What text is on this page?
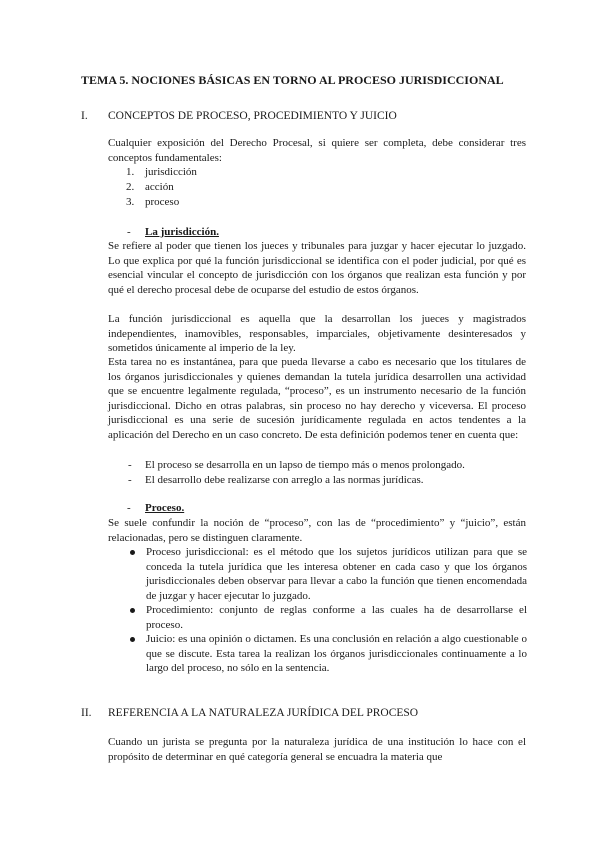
TEMA 5. NOCIONES BÁSICAS EN TORNO AL PROCESO JURISDICCIONAL
I. CONCEPTOS DE PROCESO, PROCEDIMIENTO Y JUICIO
Cualquier exposición del Derecho Procesal, si quiere ser completa, debe considerar tres conceptos fundamentales:
1. jurisdicción
2. acción
3. proceso
- La jurisdicción.
Se refiere al poder que tienen los jueces y tribunales para juzgar y hacer ejecutar lo juzgado. Lo que explica por qué la función jurisdiccional se identifica con el poder judicial, por qué es esencial vincular el concepto de jurisdicción con los órganos que realizan esta función y por qué el derecho procesal debe de ocuparse del estudio de estos órganos.
La función jurisdiccional es aquella que la desarrollan los jueces y magistrados independientes, inamovibles, responsables, imparciales, objetivamente desinteresados y sometidos únicamente al imperio de la ley.
Esta tarea no es instantánea, para que pueda llevarse a cabo es necesario que los titulares de los órganos jurisdiccionales y quienes demandan la tutela jurídica desarrollen una actividad que se encuentre legalmente regulada, “proceso”, es un instrumento necesario de la función jurisdiccional. Dicho en otras palabras, sin proceso no hay derecho y viceversa. El proceso jurisdiccional es una serie de sucesión jurídicamente regulada en actos tendentes a la aplicación del Derecho en un caso concreto. De esta definición podemos tener en cuenta que:
- El proceso se desarrolla en un lapso de tiempo más o menos prolongado.
- El desarrollo debe realizarse con arreglo a las normas jurídicas.
- Proceso.
Se suele confundir la noción de “proceso”, con las de “procedimiento” y “juicio”, están relacionadas, pero se distinguen claramente.
Proceso jurisdiccional: es el método que los sujetos jurídicos utilizan para que se conceda la tutela jurídica que les interesa obtener en cada caso y que los órganos jurisdiccionales deben observar para llevar a cabo la función que tienen encomendada de juzgar y hacer ejecutar lo juzgado.
Procedimiento: conjunto de reglas conforme a las cuales ha de desarrollarse el proceso.
Juicio: es una opinión o dictamen. Es una conclusión en relación a algo cuestionable o que se discute. Esta tarea la realizan los órganos jurisdiccionales continuamente a lo largo del proceso, no sólo en la sentencia.
II. REFERENCIA A LA NATURALEZA JURÍDICA DEL PROCESO
Cuando un jurista se pregunta por la naturaleza jurídica de una institución lo hace con el propósito de determinar en qué categoría general se encuadra la materia que
